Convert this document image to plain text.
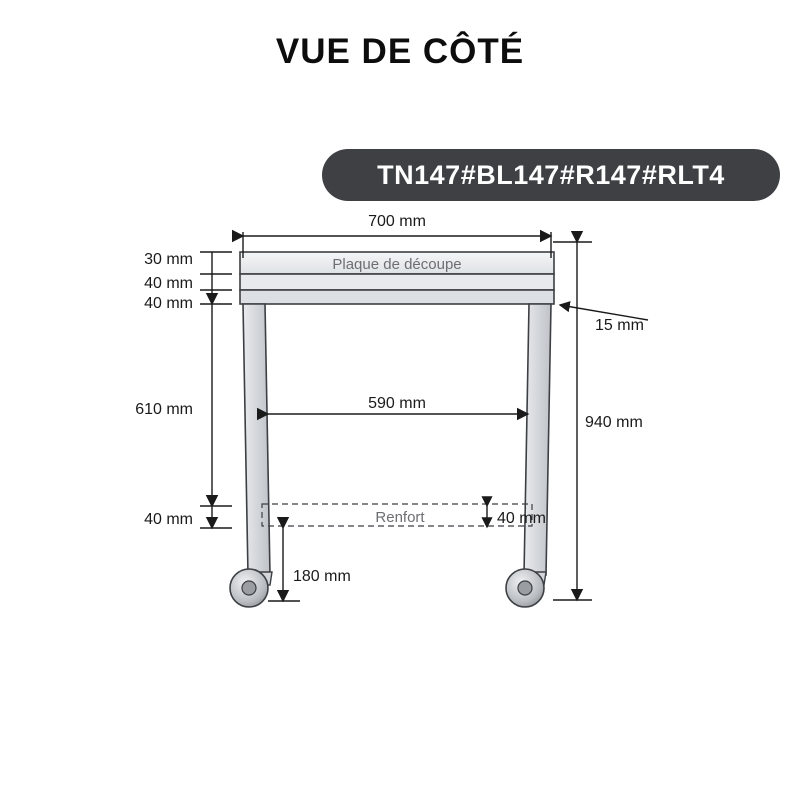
VUE DE CÔTÉ
TN147#BL147#R147#RLT4
700 mm
30 mm
40 mm
40 mm
610 mm
40 mm
590 mm
15 mm
940 mm
40 mm
180 mm
Plaque de découpe
Renfort
